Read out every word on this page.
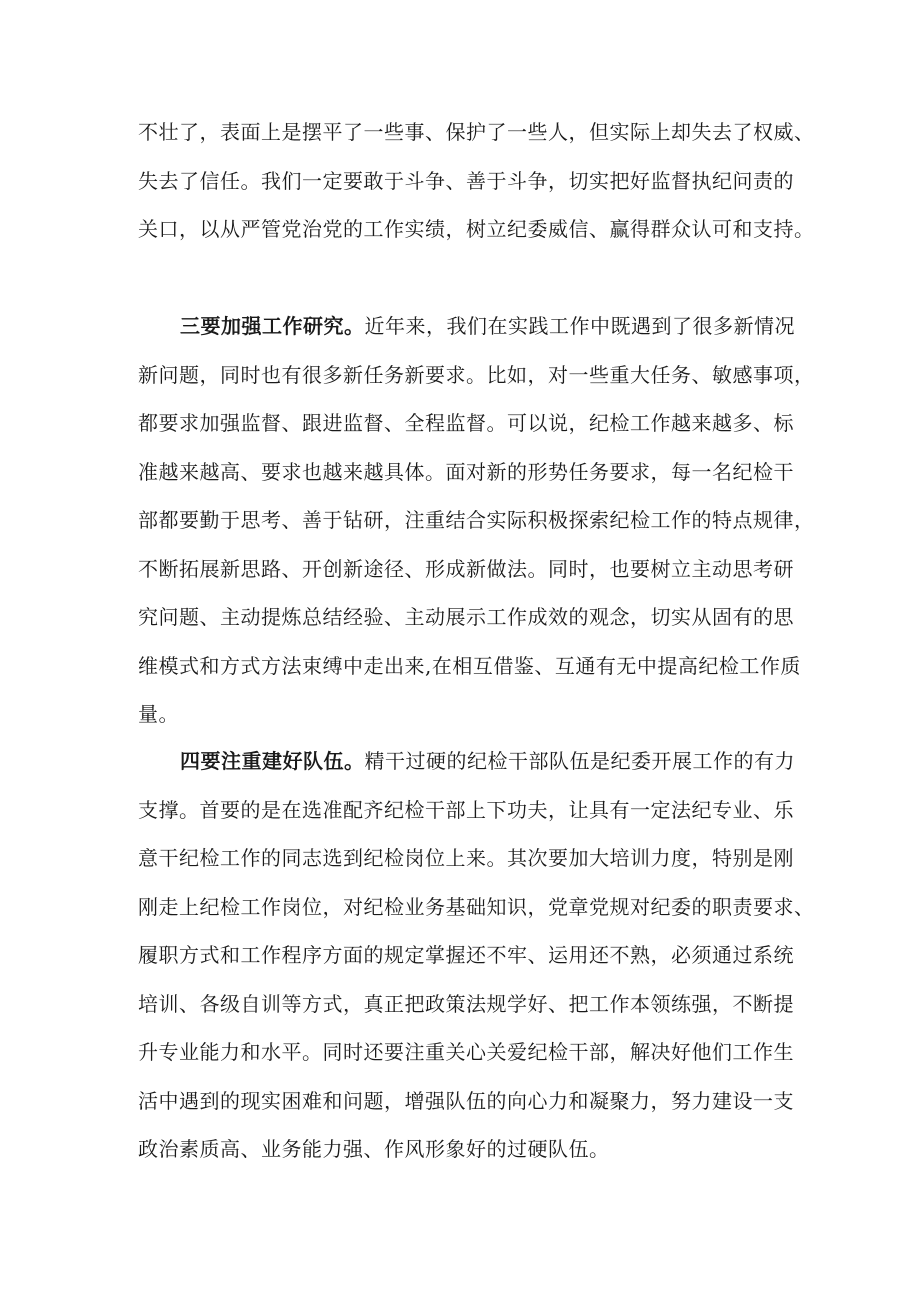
不壮了，表面上是摆平了一些事、保护了一些人，但实际上却失去了权威、
失去了信任。我们一定要敢于斗争、善于斗争，切实把好监督执纪问责的
关口，以从严管党治党的工作实绩，树立纪委威信、赢得群众认可和支持。
三要加强工作研究。近年来，我们在实践工作中既遇到了很多新情况
新问题，同时也有很多新任务新要求。比如，对一些重大任务、敏感事项，
都要求加强监督、跟进监督、全程监督。可以说，纪检工作越来越多、标
准越来越高、要求也越来越具体。面对新的形势任务要求，每一名纪检干
部都要勤于思考、善于钻研，注重结合实际积极探索纪检工作的特点规律，
不断拓展新思路、开创新途径、形成新做法。同时，也要树立主动思考研
究问题、主动提炼总结经验、主动展示工作成效的观念，切实从固有的思
维模式和方式方法束缚中走出来,在相互借鉴、互通有无中提高纪检工作质
量。
四要注重建好队伍。精干过硬的纪检干部队伍是纪委开展工作的有力
支撑。首要的是在选准配齐纪检干部上下功夫，让具有一定法纪专业、乐
意干纪检工作的同志选到纪检岗位上来。其次要加大培训力度，特别是刚
刚走上纪检工作岗位，对纪检业务基础知识，党章党规对纪委的职责要求、
履职方式和工作程序方面的规定掌握还不牢、运用还不熟，必须通过系统
培训、各级自训等方式，真正把政策法规学好、把工作本领练强，不断提
升专业能力和水平。同时还要注重关心关爱纪检干部，解决好他们工作生
活中遇到的现实困难和问题，增强队伍的向心力和凝聚力，努力建设一支
政治素质高、业务能力强、作风形象好的过硬队伍。
